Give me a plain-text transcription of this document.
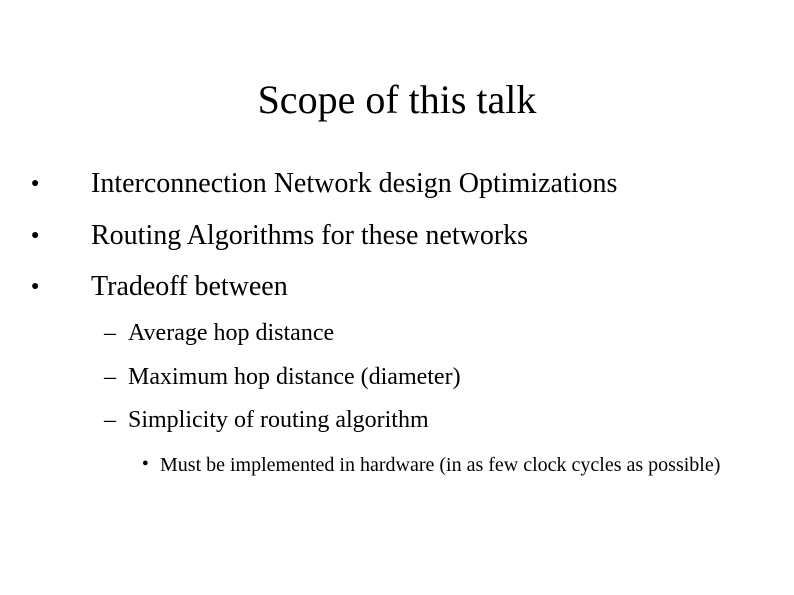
Scope of this talk
●	Interconnection Network design Optimizations
●	Routing Algorithms for these networks
●	Tradeoff between
– Average hop distance
– Maximum hop distance (diameter)
– Simplicity of routing algorithm
● Must be implemented in hardware (in as few clock cycles as possible)
